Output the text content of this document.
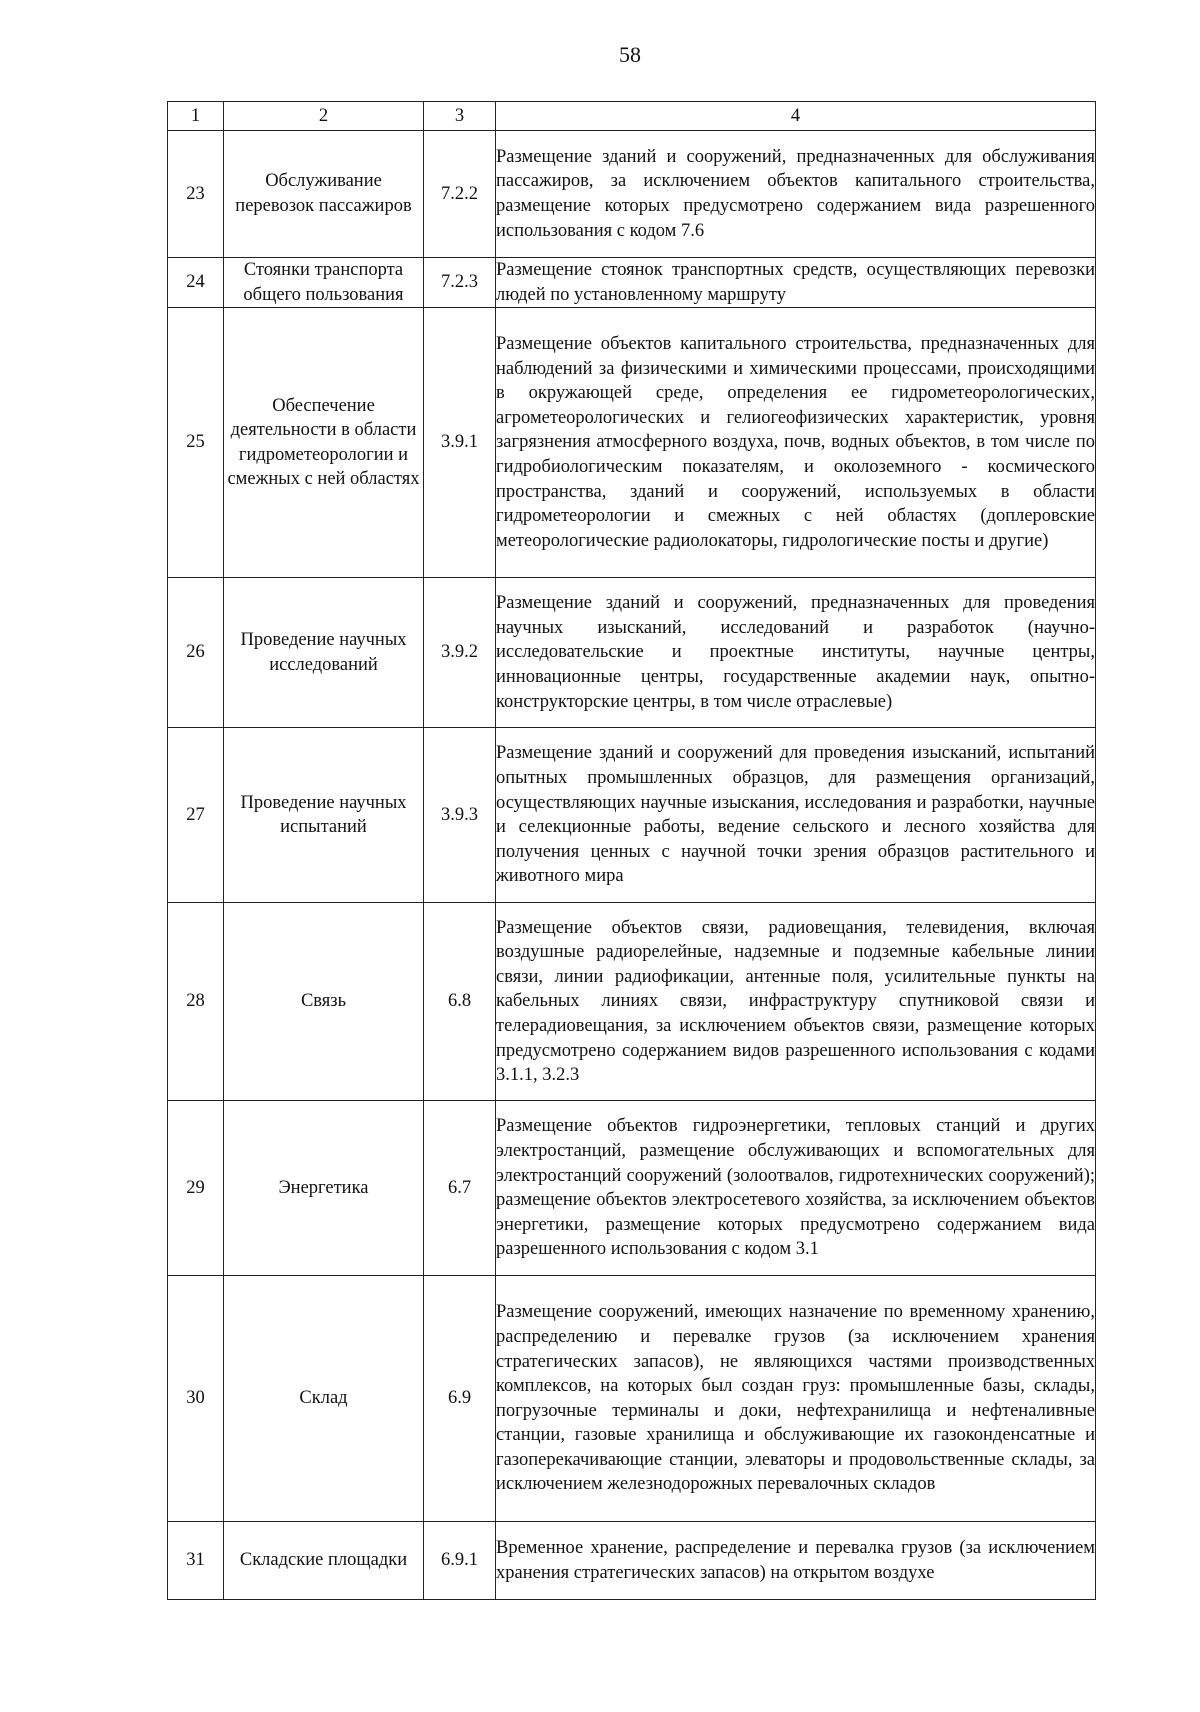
58
1	2	3	4
23	Обслуживание перевозок пассажиров	7.2.2	Размещение зданий и сооружений, предназначенных для обслуживания пассажиров, за исключением объектов капитального строительства, размещение которых предусмотрено содержанием вида разрешенного использования с кодом 7.6
24	Стоянки транспорта общего пользования	7.2.3	Размещение стоянок транспортных средств, осуществляющих перевозки людей по установленному маршруту
25	Обеспечение деятельности в области гидрометеорологии и смежных с ней областях	3.9.1	Размещение объектов капитального строительства, предназначенных для наблюдений за физическими и химическими процессами, происходящими в окружающей среде, определения ее гидрометеорологических, агрометеорологических и гелиогеофизических характеристик, уровня загрязнения атмосферного воздуха, почв, водных объектов, в том числе по гидробиологическим показателям, и околоземного - космического пространства, зданий и сооружений, используемых в области гидрометеорологии и смежных с ней областях (доплеровские метеорологические радиолокаторы, гидрологические посты и другие)
26	Проведение научных исследований	3.9.2	Размещение зданий и сооружений, предназначенных для проведения научных изысканий, исследований и разработок (научно-исследовательские и проектные институты, научные центры, инновационные центры, государственные академии наук, опытно-конструкторские центры, в том числе отраслевые)
27	Проведение научных испытаний	3.9.3	Размещение зданий и сооружений для проведения изысканий, испытаний опытных промышленных образцов, для размещения организаций, осуществляющих научные изыскания, исследования и разработки, научные и селекционные работы, ведение сельского и лесного хозяйства для получения ценных с научной точки зрения образцов растительного и животного мира
28	Связь	6.8	Размещение объектов связи, радиовещания, телевидения, включая воздушные радиорелейные, надземные и подземные кабельные линии связи, линии радиофикации, антенные поля, усилительные пункты на кабельных линиях связи, инфраструктуру спутниковой связи и телерадиовещания, за исключением объектов связи, размещение которых предусмотрено содержанием видов разрешенного использования с кодами 3.1.1, 3.2.3
29	Энергетика	6.7	Размещение объектов гидроэнергетики, тепловых станций и других электростанций, размещение обслуживающих и вспомогательных для электростанций сооружений (золоотвалов, гидротехнических сооружений); размещение объектов электросетевого хозяйства, за исключением объектов энергетики, размещение которых предусмотрено содержанием вида разрешенного использования с кодом 3.1
30	Склад	6.9	Размещение сооружений, имеющих назначение по временному хранению, распределению и перевалке грузов (за исключением хранения стратегических запасов), не являющихся частями производственных комплексов, на которых был создан груз: промышленные базы, склады, погрузочные терминалы и доки, нефтехранилища и нефтеналивные станции, газовые хранилища и обслуживающие их газоконденсатные и газоперекачивающие станции, элеваторы и продовольственные склады, за исключением железнодорожных перевалочных складов
31	Складские площадки	6.9.1	Временное хранение, распределение и перевалка грузов (за исключением хранения стратегических запасов) на открытом воздухе
